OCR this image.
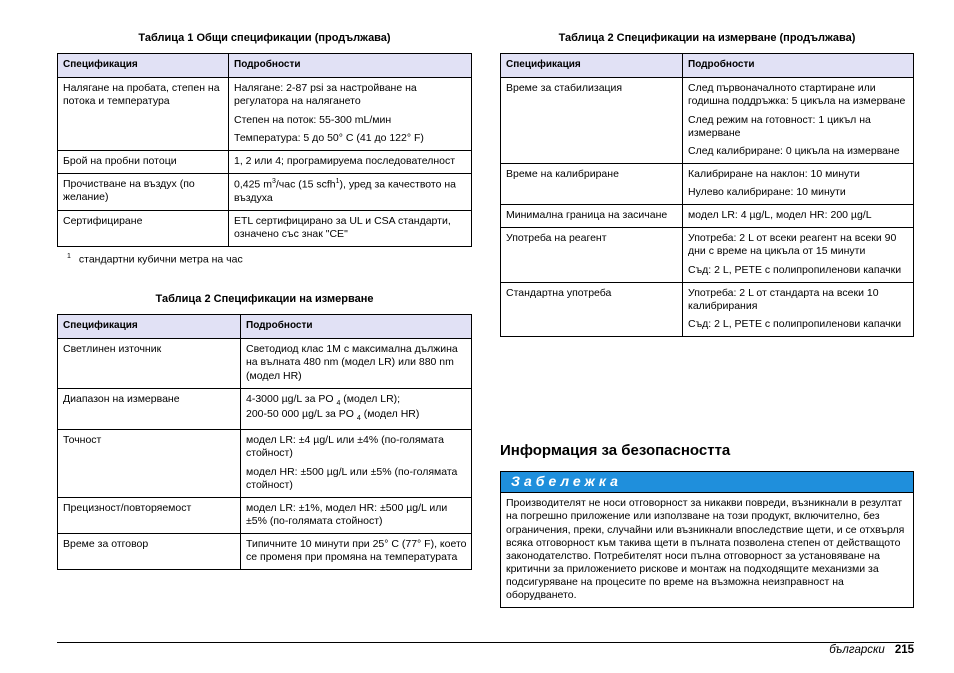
Таблица 1 Общи спецификации (продължава)
Спецификация	Подробности
Налягане на пробата, степен на потока и температура	Налягане: 2-87 psi за настройване на регулатора на налягането

Степен на поток: 55-300 mL/мин

Температура: 5 до 50° C (41 до 122° F)

Брой на пробни потоци	1, 2 или 4; програмируема последователност

Прочистване на въздух (по желание)	0,425 $m^3$/час (15 scfh$^1$), уред за качеството на въздуха

Сертифициране	ETL сертифицирано за UL и CSA стандарти, означено със знак "CE"

$^1$ стандартни кубични метра на час
Таблица 2 Спецификации на измерване
Спецификация	Подробности
Светлинен източник	Светодиод клас 1M с максимална дължина на вълната 480 nm (модел LR) или 880 nm (модел HR)

Диапазон на измерване	4-3000 µg/L за PO $_4$ (модел LR);
200-50 000 µg/L за PO $_4$ (модел HR)

Точност	модел LR: ±4 µg/L или ±4% (по-голямата стойност)

модел HR: ±500 µg/L или ±5% (по-голямата стойност)

Прецизност/повторяемост	модел LR: ±1%, модел HR: ±500 µg/L или ±5% (по-голямата стойност)

Време за отговор	Типичните 10 минути при 25° C (77° F), което се променя при промяна на температурата

Таблица 2 Спецификации на измерване (продължава)
Спецификация	Подробности
Време за стабилизация	След първоначалното стартиране или годишна поддръжка: 5 цикъла на измерване

След режим на готовност: 1 цикъл на измерване

След калибриране: 0 цикъла на измерване

Време на калибриране	Калибриране на наклон: 10 минути

Нулево калибриране: 10 минути

Минимална граница на засичане	модел LR: 4 µg/L, модел HR: 200 µg/L

Употреба на реагент	Употреба: 2 L от всеки реагент на всеки 90 дни с време на цикъла от 15 минути

Съд: 2 L, PETE с полипропиленови капачки

Стандартна употреба	Употреба: 2 L от стандарта на всеки 10 калибрирания

Съд: 2 L, PETE с полипропиленови капачки

Информация за безопасността
Забележка
Производителят не носи отговорност за никакви повреди, възникнали в резултат на погрешно приложение или използване на този продукт, включително, без ограничения, преки, случайни или възникнали впоследствие щети, и се отхвърля всяка отговорност към такива щети в пълната позволена степен от действащото законодателство. Потребителят носи пълна отговорност за установяване на критични за приложението рискове и монтаж на подходящите механизми за подсигуряване на процесите по време на възможна неизправност на оборудването.
български 215
